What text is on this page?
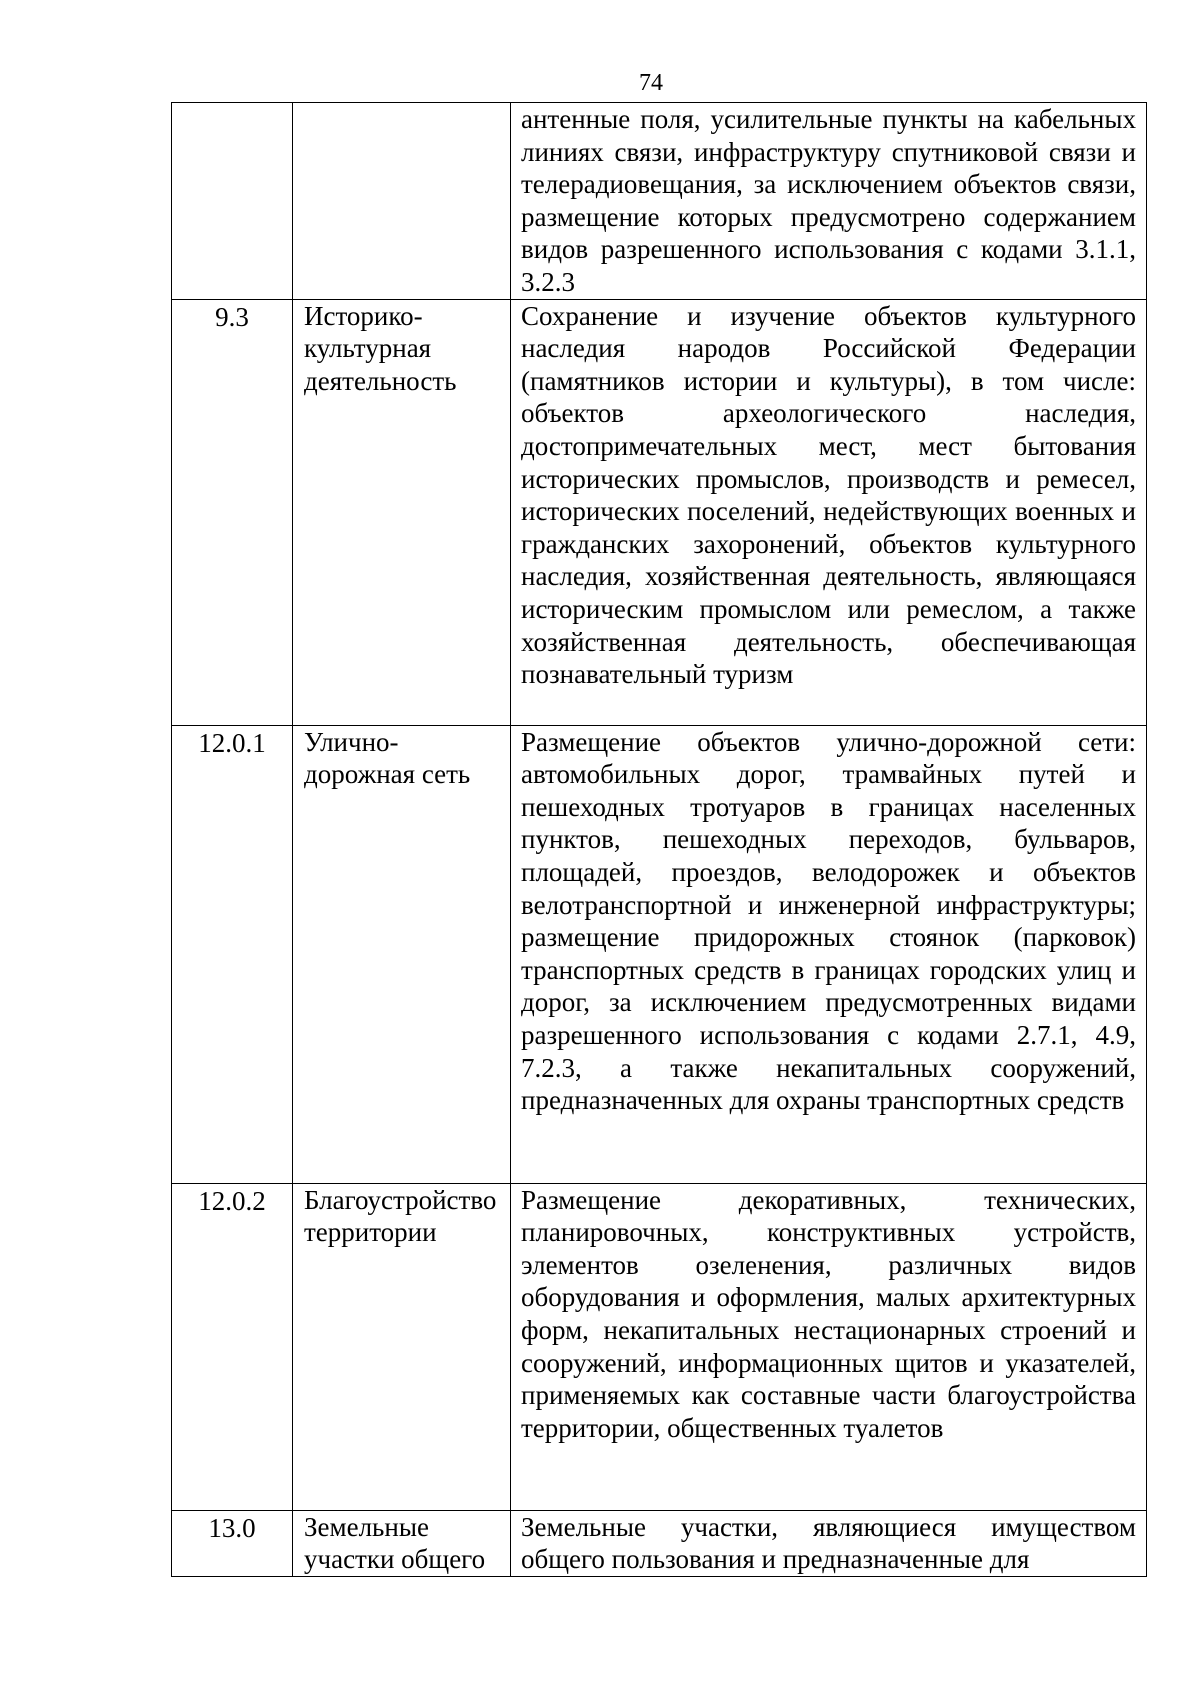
74

		антенные поля, усилительные пункты на кабельных линиях связи, инфраструктуру спутниковой связи и телерадиовещания, за исключением объектов связи, размещение которых предусмотрено содержанием видов разрешенного использования с кодами 3.1.1, 3.2.3

9.3	Историко-культурная деятельность	Сохранение и изучение объектов культурного наследия народов Российской Федерации (памятников истории и культуры), в том числе: объектов археологического наследия, достопримечательных мест, мест бытования исторических промыслов, производств и ремесел, исторических поселений, недействующих военных и гражданских захоронений, объектов культурного наследия, хозяйственная деятельность, являющаяся историческим промыслом или ремеслом, а также хозяйственная деятельность, обеспечивающая познавательный туризм

12.0.1	Улично-дорожная сеть	Размещение объектов улично-дорожной сети: автомобильных дорог, трамвайных путей и пешеходных тротуаров в границах населенных пунктов, пешеходных переходов, бульваров, площадей, проездов, велодорожек и объектов велотранспортной и инженерной инфраструктуры; размещение придорожных стоянок (парковок) транспортных средств в границах городских улиц и дорог, за исключением предусмотренных видами разрешенного использования с кодами 2.7.1, 4.9, 7.2.3, а также некапитальных сооружений, предназначенных для охраны транспортных средств

12.0.2	Благоустройство территории	Размещение декоративных, технических, планировочных, конструктивных устройств, элементов озеленения, различных видов оборудования и оформления, малых архитектурных форм, некапитальных нестационарных строений и сооружений, информационных щитов и указателей, применяемых как составные части благоустройства территории, общественных туалетов

13.0	Земельные участки общего	Земельные участки, являющиеся имуществом общего пользования и предназначенные для
